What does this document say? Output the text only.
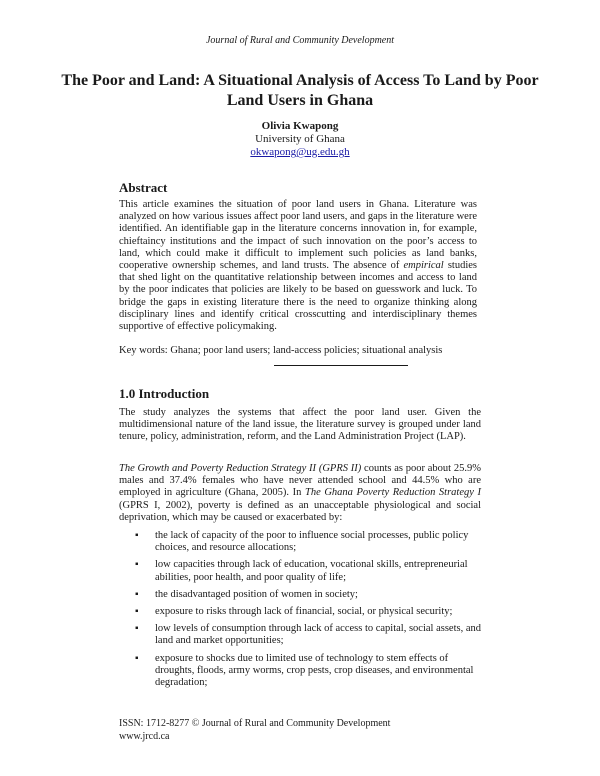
Journal of Rural and Community Development
The Poor and Land: A Situational Analysis of Access To Land by Poor Land Users in Ghana
Olivia Kwapong
University of Ghana
okwapong@ug.edu.gh
Abstract

This article examines the situation of poor land users in Ghana. Literature was analyzed on how various issues affect poor land users, and gaps in the literature were identified. An identifiable gap in the literature concerns innovation in, for example, chieftaincy institutions and the impact of such innovation on the poor’s access to land, which could make it difficult to implement such policies as land banks, cooperative ownership schemes, and land trusts. The absence of empirical studies that shed light on the quantitative relationship between incomes and access to land by the poor indicates that policies are likely to be based on guesswork and luck. To bridge the gaps in existing literature there is the need to organize thinking along disciplinary lines and identify critical crosscutting and interdisciplinary themes supportive of effective policymaking.

Key words: Ghana; poor land users; land-access policies; situational analysis

1.0 Introduction

The study analyzes the systems that affect the poor land user. Given the multidimensional nature of the land issue, the literature survey is grouped under land tenure, policy, administration, reform, and the Land Administration Project (LAP).

The Growth and Poverty Reduction Strategy II (GPRS II) counts as poor about 25.9% males and 37.4% females who have never attended school and 44.5% who are employed in agriculture (Ghana, 2005). In The Ghana Poverty Reduction Strategy I (GPRS I, 2002), poverty is defined as an unacceptable physiological and social deprivation, which may be caused or exacerbated by:

▪ the lack of capacity of the poor to influence social processes, public policy choices, and resource allocations;
▪ low capacities through lack of education, vocational skills, entrepreneurial abilities, poor health, and poor quality of life;
▪ the disadvantaged position of women in society;
▪ exposure to risks through lack of financial, social, or physical security;
▪ low levels of consumption through lack of access to capital, social assets, and land and market opportunities;
▪ exposure to shocks due to limited use of technology to stem effects of droughts, floods, army worms, crop pests, crop diseases, and environmental degradation;
ISSN: 1712-8277 © Journal of Rural and Community Development
www.jrcd.ca
